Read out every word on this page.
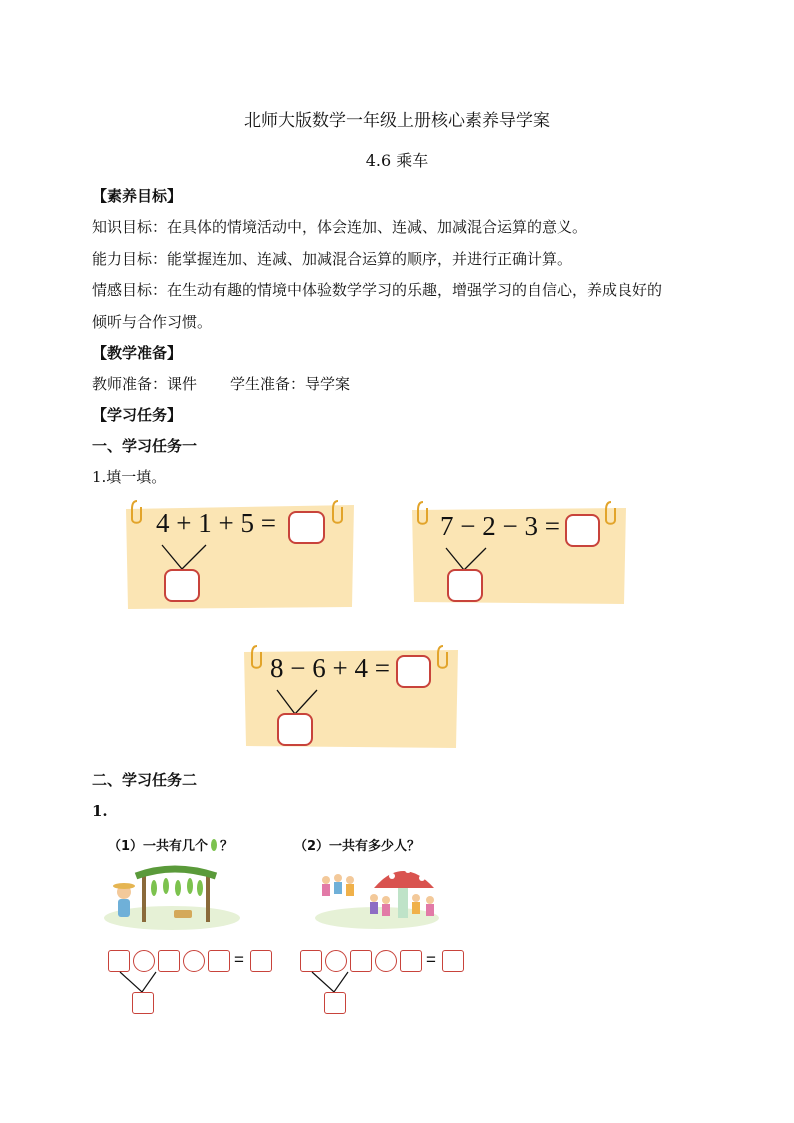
北师大版数学一年级上册核心素养导学案
4.6 乘车
【素养目标】
知识目标：在具体的情境活动中，体会连加、连减、加减混合运算的意义。
能力目标：能掌握连加、连减、加减混合运算的顺序，并进行正确计算。
情感目标：在生动有趣的情境中体验数学学习的乐趣，增强学习的自信心，养成良好的
倾听与合作习惯。
【教学准备】
教师准备：课件 学生准备：导学案
【学习任务】
一、学习任务一
1.填一填。
4 + 1 + 5 =	7 − 2 − 3 =
8 − 6 + 4 =
二、学习任务二
1.
（1）一共有几个 ？
=
（2）一共有多少人？
=
